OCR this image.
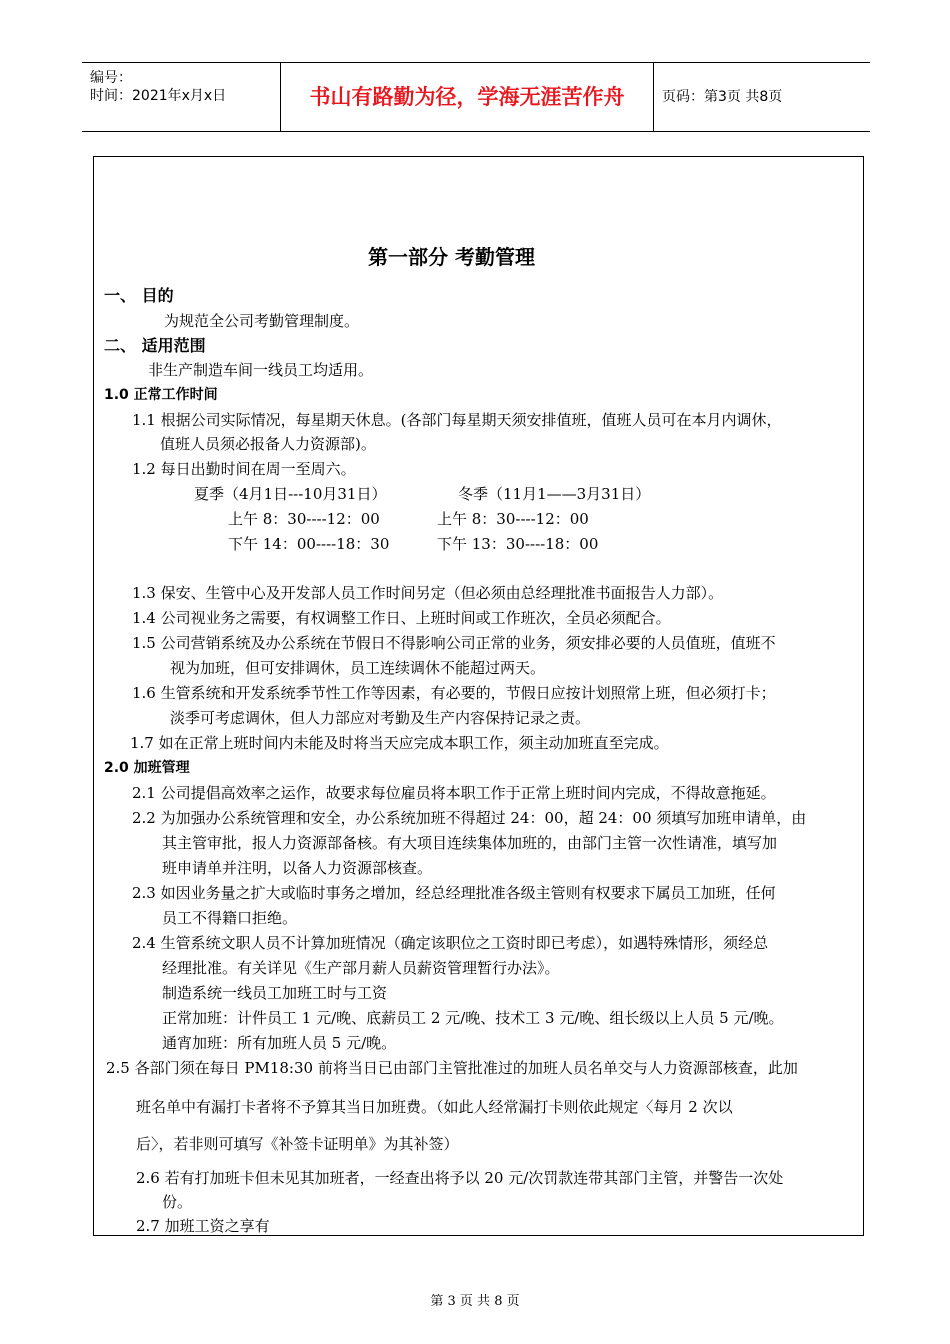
编号：
时间：2021年x月x日	书山有路勤为径，学海无涯苦作舟	页码：第3页 共8页
第一部分 考勤管理
一、 目的
为规范全公司考勤管理制度。
二、 适用范围
非生产制造车间一线员工均适用。
1.0 正常工作时间
1.1 根据公司实际情况，每星期天休息。(各部门每星期天须安排值班，值班人员可在本月内调休，
值班人员须必报备人力资源部)。
1.2 每日出勤时间在周一至周六。
夏季（4月1日---10月31日）	冬季（11月1——3月31日）
上午 8：30----12：00	上午 8：30----12：00
下午 14：00----18：30	下午 13：30----18：00
1.3 保安、生管中心及开发部人员工作时间另定（但必须由总经理批准书面报告人力部）。
1.4 公司视业务之需要，有权调整工作日、上班时间或工作班次，全员必须配合。
1.5 公司营销系统及办公系统在节假日不得影响公司正常的业务，须安排必要的人员值班，值班不
视为加班，但可安排调休，员工连续调休不能超过两天。
1.6 生管系统和开发系统季节性工作等因素，有必要的，节假日应按计划照常上班，但必须打卡；
淡季可考虑调休，但人力部应对考勤及生产内容保持记录之责。
1.7 如在正常上班时间内未能及时将当天应完成本职工作，须主动加班直至完成。
2.0 加班管理
2.1 公司提倡高效率之运作，故要求每位雇员将本职工作于正常上班时间内完成，不得故意拖延。
2.2 为加强办公系统管理和安全，办公系统加班不得超过 24：00，超 24：00 须填写加班申请单，由
其主管审批，报人力资源部备核。有大项目连续集体加班的，由部门主管一次性请准，填写加
班申请单并注明，以备人力资源部核查。
2.3 如因业务量之扩大或临时事务之增加，经总经理批准各级主管则有权要求下属员工加班，任何
员工不得籍口拒绝。
2.4 生管系统文职人员不计算加班情况（确定该职位之工资时即已考虑），如遇特殊情形，须经总
经理批准。有关详见《生产部月薪人员薪资管理暂行办法》。
制造系统一线员工加班工时与工资
正常加班：计件员工 1 元/晚、底薪员工 2 元/晚、技术工 3 元/晚、组长级以上人员 5 元/晚。
通宵加班：所有加班人员 5 元/晚。
2.5 各部门须在每日 PM18:30 前将当日已由部门主管批准过的加班人员名单交与人力资源部核查，此加
班名单中有漏打卡者将不予算其当日加班费。（如此人经常漏打卡则依此规定〈每月 2 次以
后〉，若非则可填写《补签卡证明单》为其补签）
2.6 若有打加班卡但未见其加班者，一经查出将予以 20 元/次罚款连带其部门主管，并警告一次处
份。
2.7 加班工资之享有
第 3 页 共 8 页
